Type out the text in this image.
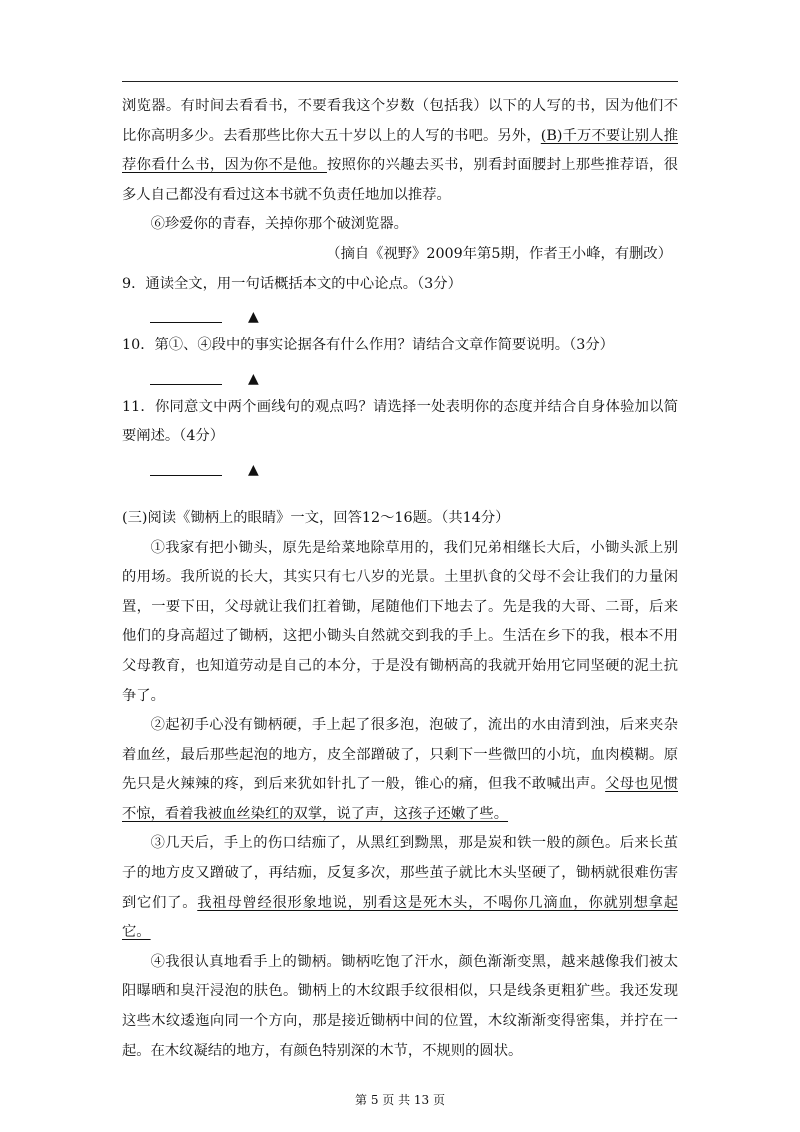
浏览器。有时间去看看书，不要看我这个岁数（包括我）以下的人写的书，因为他们不比你高明多少。去看那些比你大五十岁以上的人写的书吧。另外，(B)千万不要让别人推荐你看什么书，因为你不是他。按照你的兴趣去买书，别看封面腰封上那些推荐语，很多人自己都没有看过这本书就不负责任地加以推荐。

⑥珍爱你的青春，关掉你那个破浏览器。

（摘自《视野》2009年第5期，作者王小峰，有删改）

9．通读全文，用一句话概括本文的中心论点。（3分）

▲

10．第①、④段中的事实论据各有什么作用？请结合文章作简要说明。（3分）

▲

11．你同意文中两个画线句的观点吗？请选择一处表明你的态度并结合自身体验加以简要阐述。（4分）

▲

(三)阅读《锄柄上的眼睛》一文，回答12～16题。（共14分）

①我家有把小锄头，原先是给菜地除草用的，我们兄弟相继长大后，小锄头派上别的用场。我所说的长大，其实只有七八岁的光景。土里扒食的父母不会让我们的力量闲置，一要下田，父母就让我们扛着锄，尾随他们下地去了。先是我的大哥、二哥，后来他们的身高超过了锄柄，这把小锄头自然就交到我的手上。生活在乡下的我，根本不用父母教育，也知道劳动是自己的本分，于是没有锄柄高的我就开始用它同坚硬的泥土抗争了。

②起初手心没有锄柄硬，手上起了很多泡，泡破了，流出的水由清到浊，后来夹杂着血丝，最后那些起泡的地方，皮全部蹭破了，只剩下一些微凹的小坑，血肉模糊。原先只是火辣辣的疼，到后来犹如针扎了一般，锥心的痛，但我不敢喊出声。父母也见惯不惊，看着我被血丝染红的双掌，说了声，这孩子还嫩了些。

③几天后，手上的伤口结痂了，从黑红到黝黑，那是炭和铁一般的颜色。后来长茧子的地方皮又蹭破了，再结痂，反复多次，那些茧子就比木头坚硬了，锄柄就很难伤害到它们了。我祖母曾经很形象地说，别看这是死木头，不喝你几滴血，你就别想拿起它。

④我很认真地看手上的锄柄。锄柄吃饱了汗水，颜色渐渐变黑，越来越像我们被太阳曝晒和臭汗浸泡的肤色。锄柄上的木纹跟手纹很相似，只是线条更粗犷些。我还发现这些木纹逶迤向同一个方向，那是接近锄柄中间的位置，木纹渐渐变得密集，并拧在一起。在木纹凝结的地方，有颜色特别深的木节，不规则的圆状。

第 5 页 共 13 页
